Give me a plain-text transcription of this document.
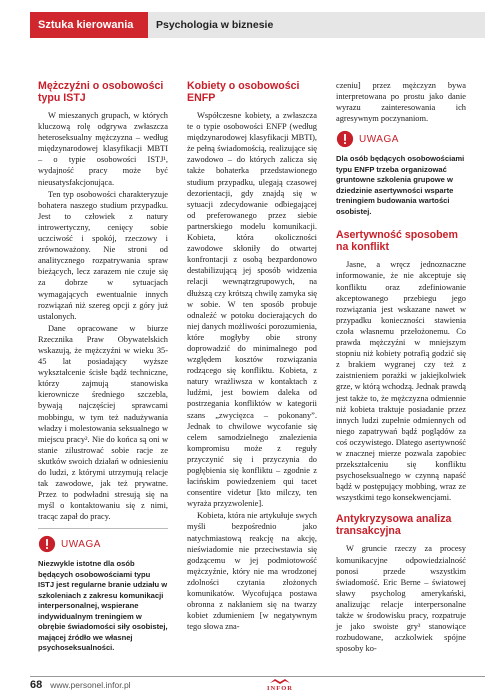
Sztuka kierowania	Psychologia w biznesie
Mężczyźni o osobowości typu ISTJ

W mieszanych grupach, w których kluczową rolę odgrywa zwłaszcza heteroseksualny mężczyzna – według międzynarodowej klasyfikacji MBTI – o typie osobowości ISTJ¹, wydajność pracy może być nieusatysfakcjonująca.

Ten typ osobowości charakteryzuje bohatera naszego studium przypadku. Jest to człowiek z natury introwertyczny, cenięcy sobie uczciwość i spokój, rzeczowy i zrównoważony. Nie stroni od analitycznego rozpatrywania spraw bieżących, lecz zarazem nie czuje się za dobrze w sytuacjach wymagających ewentualnie innych rozwiązań niż szereg opcji z góry już ustalonych.

Dane opracowane w biurze Rzecznika Praw Obywatelskich wskazują, że mężczyźni w wieku 35-45 lat posiadający wyższe wykształcenie ścisłe bądź techniczne, którzy zajmują stanowiska kierownicze średniego szczebla, bywają najczęściej sprawcami mobbingu, w tym też nadużywania władzy i molestowania seksualnego w miejscu pracy². Nie do końca są oni w stanie zilustrować sobie racje ze skutków swoich działań w odniesieniu do ludzi, z którymi utrzymują relacje tak zawodowe, jak też prywatne. Przez to podwładni stresują się na myśl o kontaktowaniu się z nimi, tracąc zapał do pracy.

UWAGA
Niezwykle istotne dla osób będących osobowościami typu ISTJ jest regularne branie udziału w szkoleniach z zakresu komunikacji interpersonalnej, wspierane indywidualnym treningiem w obrębie świadomości siły osobistej, mającej źródło we własnej psychoseksualności.
Kobiety o osobowości ENFP

Współczesne kobiety, a zwłaszcza te o typie osobowości ENFP (według międzynarodowej klasyfikacji MBTI), że pełną świadomością, realizujące się zawodowo – do których zalicza się także bohaterka przedstawionego studium przypadku, ulegają czasowej dezorientacji, gdy znajdą się w sytuacji zdecydowanie odbiegającej od preferowanego przez siebie partnerskiego modelu komunikacji. Kobieta, która okoliczności zawodowe skłoniły do otwartej konfrontacji z osobą bezpardonowo destabilizującą jej sposób widzenia relacji wewnątrzgrupowych, na dłuższą czy krótszą chwilę zamyka się w sobie. W ten sposób probuje odnaleźć w potoku docierających do niej danych możliwości porozumienia, które mogłyby obie strony doprowadzić do minimalnego pod względem kosztów rozwiązania rodzącego się konfliktu. Kobieta, z natury wrażliwsza w kontaktach z ludźmi, jest bowiem daleka od postrzegania konfliktów w kategorii szans „zwycięzca – pokonany”. Jednak to chwilowe wycofanie się celem samodzielnego znalezienia kompromisu może z reguły przyczynić się i przyczynia do pogłębienia się konfliktu – zgodnie z łacińskim powiedzeniem qui tacet consentire videtur [kto milczy, ten wyraża przyzwolenie].

Kobieta, która nie artykułuje swych myśli bezpośrednio jako natychmiastową reakcję na akcję, nieświadomie nie przeciwstawia się godzącemu w jej podmiotowość mężczyźnie, który nie ma wrodzonej zdolności czytania złożonych komunikatów. Wycofująca postawa obronna z nakłaniem się na twarzy kobiet zdumieniem [w negatywnym tego słowa zna-

czeniu] przez mężczyzn bywa interpretowana po prostu jako danie wyrazu zainteresowania ich agresywnym poczynaniom.

UWAGA
Dla osób będących osobowościami typu ENFP trzeba organizować gruntowne szkolenia grupowe w dziedzinie asertywności wsparte treningiem budowania wartości osobistej.
Asertywność sposobem na konflikt

Jasne, a wręcz jednoznaczne informowanie, że nie akceptuje się konfliktu oraz zdefiniowanie akceptowanego przebiegu jego rozwiązania jest wskazane nawet w przypadku konieczności stawienia czoła własnemu przełożonemu. Co prawda mężczyźni w mniejszym stopniu niż kobiety potrafią godzić się z brakiem wygranej czy też z zaistnieniem porażki w jakiejkolwiek grze, w którą wchodzą. Jednak prawdą jest także to, że mężczyzna odmiennie niż kobieta traktuje posiadanie przez innych ludzi zupełnie odmiennych od niego zapatrywań bądź poglądów za coś oczywistego. Dlatego asertywność w znacznej mierze pozwala zapobiec przekształceniu się konfliktu psychoseksualnego w czynną napaść bądź w postępujący mobbing, wraz ze wszystkimi tego konsekwencjami.

Antykryzysowa analiza transakcyjna

W gruncie rzeczy za procesy komunikacyjne odpowiedzialność ponosi przede wszystkim świadomość. Eric Berne – światowej sławy psycholog amerykański, analizując relacje interpersonalne także w środowisku pracy, rozpatruje je jako swoiste gry³ stanowiące rozbudowane, aczkolwiek spójne sposoby ko-

68 www.personel.infor.pl	INFOR
